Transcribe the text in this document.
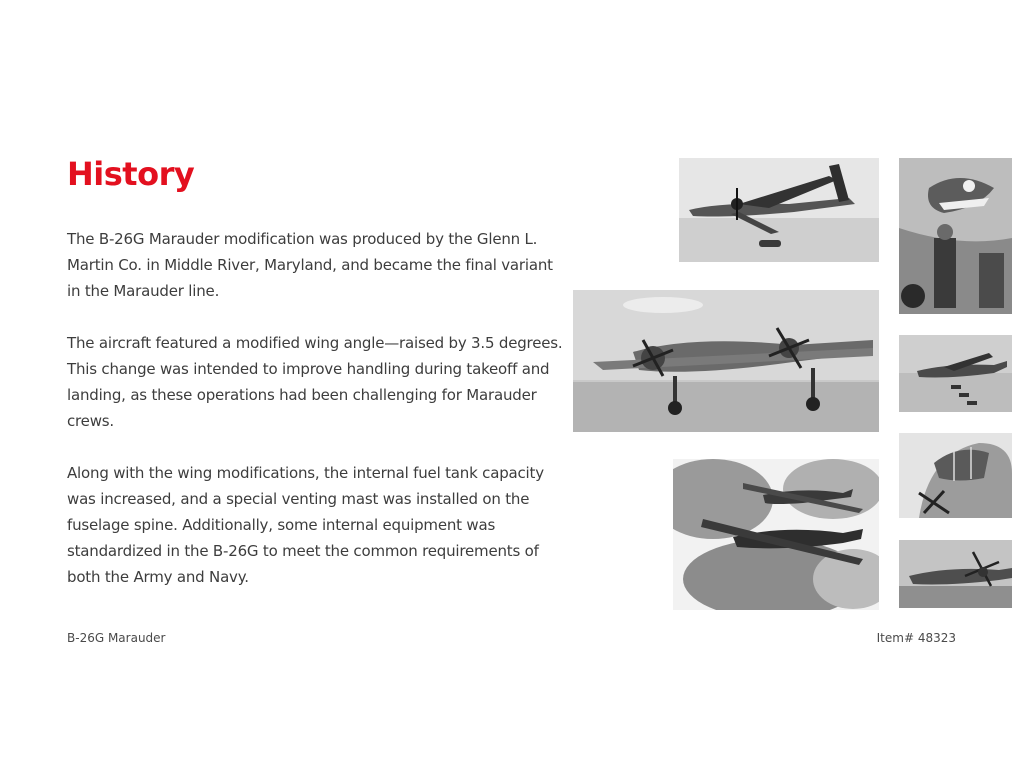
History

The B-26G Marauder modification was produced by the Glenn L. Martin Co. in Middle River, Maryland, and became the final variant in the Marauder line.

The aircraft featured a modified wing angle—raised by 3.5 degrees. This change was intended to improve handling during takeoff and landing, as these operations had been challenging for Marauder crews.

Along with the wing modifications, the internal fuel tank capacity was increased, and a special venting mast was installed on the fuselage spine. Additionally, some internal equipment was standardized in the B-26G to meet the common requirements of both the Army and Navy.

B-26G Marauder	Item# 48323
